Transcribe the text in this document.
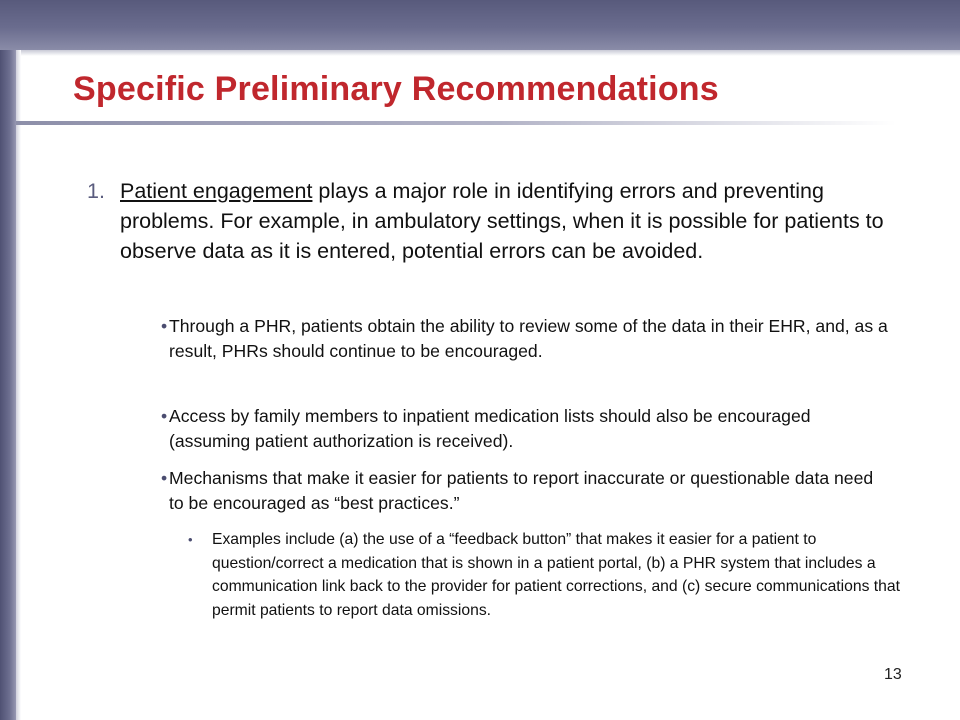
Specific Preliminary Recommendations
1. Patient engagement plays a major role in identifying errors and preventing problems. For example, in ambulatory settings, when it is possible for patients to observe data as it is entered, potential errors can be avoided.
• Through a PHR, patients obtain the ability to review some of the data in their EHR, and, as a result, PHRs should continue to be encouraged.
• Access by family members to inpatient medication lists should also be encouraged (assuming patient authorization is received).
• Mechanisms that make it easier for patients to report inaccurate or questionable data need to be encouraged as “best practices.”
• Examples include (a) the use of a “feedback button” that makes it easier for a patient to question/correct a medication that is shown in a patient portal, (b) a PHR system that includes a communication link back to the provider for patient corrections, and (c) secure communications that permit patients to report data omissions.
13
